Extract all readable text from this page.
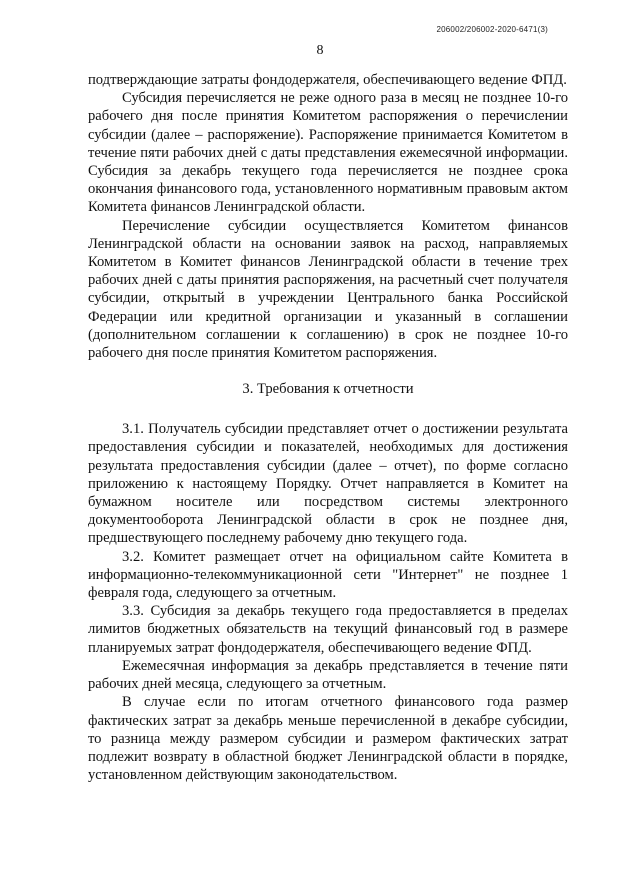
206002/206002-2020-6471(3)
8

подтверждающие затраты фондодержателя, обеспечивающего ведение ФПД.

Субсидия перечисляется не реже одного раза в месяц не позднее 10-го рабочего дня после принятия Комитетом распоряжения о перечислении субсидии (далее – распоряжение). Распоряжение принимается Комитетом в течение пяти рабочих дней с даты представления ежемесячной информации. Субсидия за декабрь текущего года перечисляется не позднее срока окончания финансового года, установленного нормативным правовым актом Комитета финансов Ленинградской области.

Перечисление субсидии осуществляется Комитетом финансов Ленинградской области на основании заявок на расход, направляемых Комитетом в Комитет финансов Ленинградской области в течение трех рабочих дней с даты принятия распоряжения, на расчетный счет получателя субсидии, открытый в учреждении Центрального банка Российской Федерации или кредитной организации и указанный в соглашении (дополнительном соглашении к соглашению) в срок не позднее 10-го рабочего дня после принятия Комитетом распоряжения.

3. Требования к отчетности

3.1. Получатель субсидии представляет отчет о достижении результата предоставления субсидии и показателей, необходимых для достижения результата предоставления субсидии (далее – отчет), по форме согласно приложению к настоящему Порядку. Отчет направляется в Комитет на бумажном носителе или посредством системы электронного документооборота Ленинградской области в срок не позднее дня, предшествующего последнему рабочему дню текущего года.

3.2. Комитет размещает отчет на официальном сайте Комитета в информационно-телекоммуникационной сети "Интернет" не позднее 1 февраля года, следующего за отчетным.

3.3. Субсидия за декабрь текущего года предоставляется в пределах лимитов бюджетных обязательств на текущий финансовый год в размере планируемых затрат фондодержателя, обеспечивающего ведение ФПД.

Ежемесячная информация за декабрь представляется в течение пяти рабочих дней месяца, следующего за отчетным.

В случае если по итогам отчетного финансового года размер фактических затрат за декабрь меньше перечисленной в декабре субсидии, то разница между размером субсидии и размером фактических затрат подлежит возврату в областной бюджет Ленинградской области в порядке, установленном действующим законодательством.
